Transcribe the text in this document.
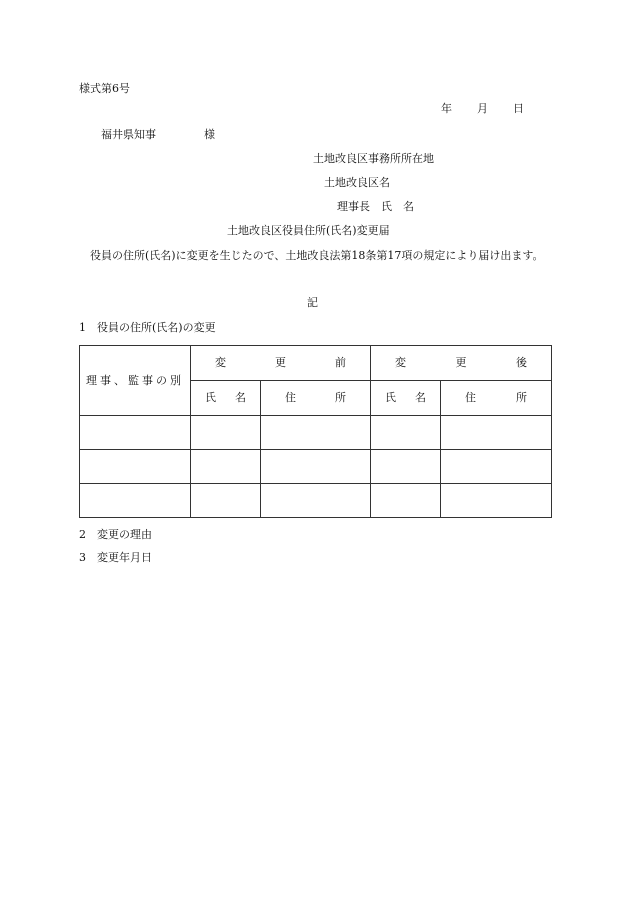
様式第6号
年 月 日
福井県知事	様
土地改良区事務所所在地
土地改良区名
理事長　氏　名
土地改良区役員住所(氏名)変更届
役員の住所(氏名)に変更を生じたので、土地改良法第18条第17項の規定により届け出ます。
記
1 役員の住所(氏名)の変更
理事、監事の別	変 更 前		変 更 後	

	氏 名	住 所	氏 名	住 所

2 変更の理由
3 変更年月日
